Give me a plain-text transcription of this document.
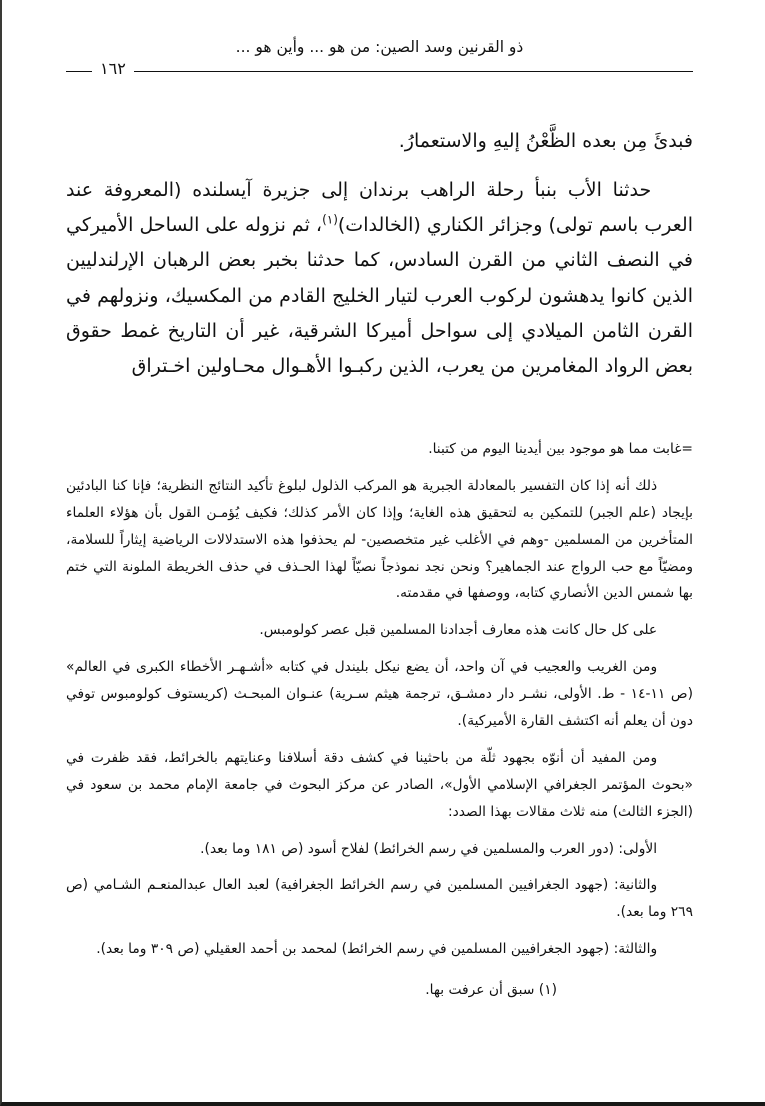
ذو القرنين وسد الصين: من هو ... وأين هو ...
١٦٢

فبدئَ مِن بعده الظَّعْنُ إليهِ والاستعمارُ.

حدثنا الأب بنبأ رحلة الراهب برندان إلى جزيرة آيسلنده (المعروفة عند العرب باسم تولى) وجزائر الكناري (الخالدات)$^{(١)}$، ثم نزوله على الساحل الأميركي في النصف الثاني من القرن السادس، كما حدثنا بخبر بعض الرهبان الإرلندليين الذين كانوا يدهشون لركوب العرب لتيار الخليج القادم من المكسيك، ونزولهم في القرن الثامن الميلادي إلى سواحل أميركا الشرقية، غير أن التاريخ غمط حقوق بعض الرواد المغامرين من يعرب، الذين ركبـوا الأهـوال محـاولين اخـتراق

=غابت مما هو موجود بين أيدينا اليوم من كتبنا.

ذلك أنه إذا كان التفسير بالمعادلة الجبرية هو المركب الذلول لبلوغ تأكيد النتائج النظرية؛ فإنا كنا البادئين بإيجاد (علم الجبر) للتمكين به لتحقيق هذه الغاية؛ وإذا كان الأمر كذلك؛ فكيف يُؤمـن القول بأن هؤلاء العلماء المتأخرين من المسلمين -وهم في الأغلب غير متخصصين- لم يحذفوا هذه الاستدلالات الرياضية إيثاراً للسلامة، ومضيّاً مع حب الرواج عند الجماهير؟ ونحن نجد نموذجاً نصيّاً لهذا الحـذف في حذف الخريطة الملونة التي ختم بها شمس الدين الأنصاري كتابه، ووصفها في مقدمته.

على كل حال كانت هذه معارف أجدادنا المسلمين قبل عصر كولومبس.

ومن الغريب والعجيب في آن واحد، أن يضع نيكل بليندل في كتابه «أشـهـر الأخطاء الكبرى في العالم» (ص ١١-١٤ - ط. الأولى، نشـر دار دمشـق، ترجمة هيثم سـرية) عنـوان المبحـث (كريستوف كولومبوس توفي دون أن يعلم أنه اكتشف القارة الأميركية).

ومن المفيد أن أنوّه بجهود ثلّة من باحثينا في كشف دقة أسلافنا وعنايتهم بالخرائط، فقد ظفرت في «بحوث المؤتمر الجغرافي الإسلامي الأول»، الصادر عن مركز البحوث في جامعة الإمام محمد بن سعود في (الجزء الثالث) منه ثلاث مقالات بهذا الصدد:

الأولى: (دور العرب والمسلمين في رسم الخرائط) لفلاح أسود (ص ١٨١ وما بعد).

والثانية: (جهود الجغرافيين المسلمين في رسم الخرائط الجغرافية) لعبد العال عبدالمنعـم الشـامي (ص ٢٦٩ وما بعد).

والثالثة: (جهود الجغرافيين المسلمين في رسم الخرائط) لمحمد بن أحمد العقيلي (ص ٣٠٩ وما بعد).

(١) سبق أن عرفت بها.
